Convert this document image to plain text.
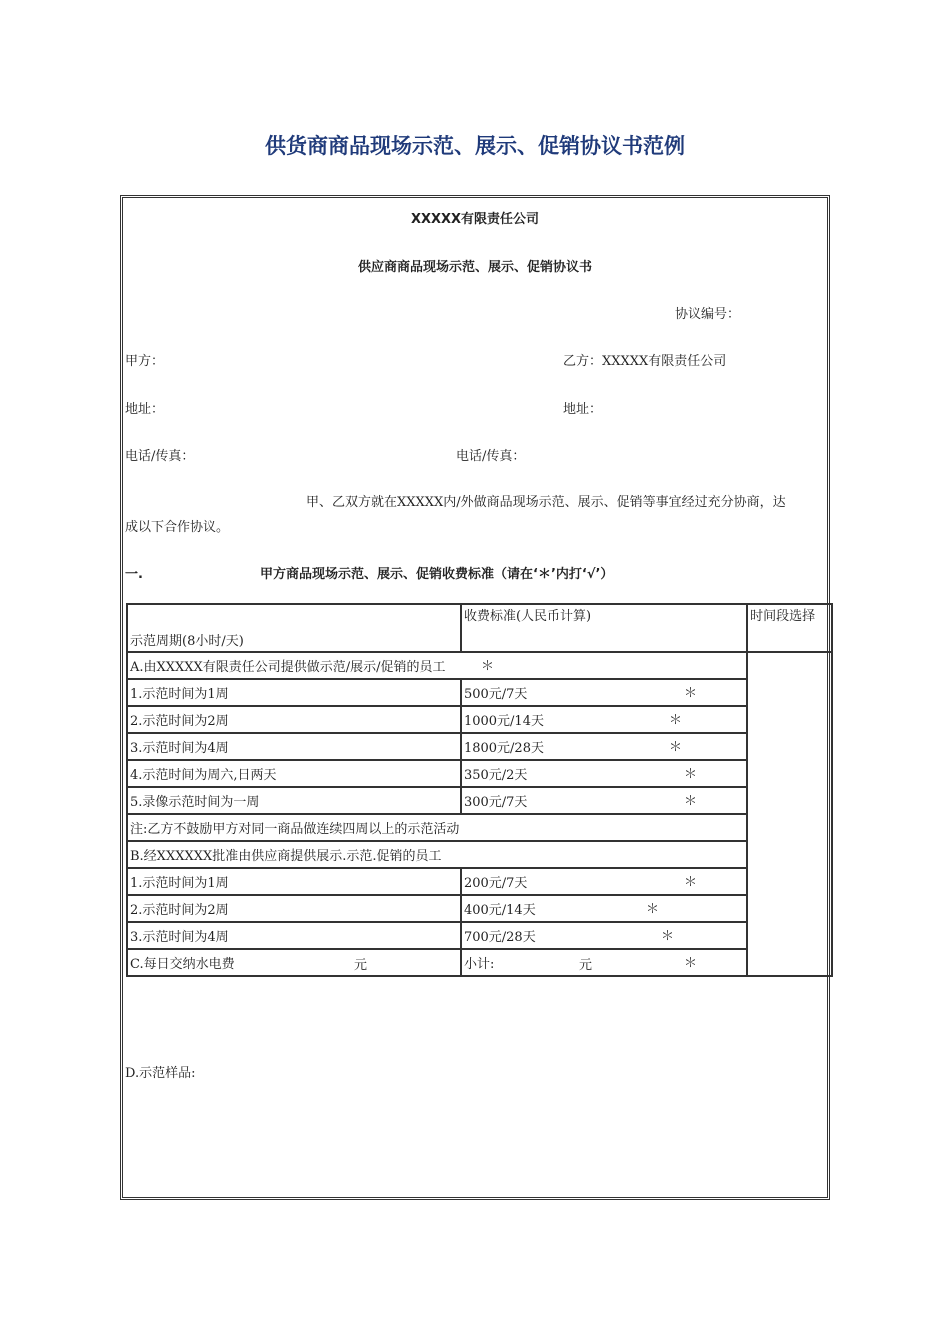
供货商商品现场示范、展示、促销协议书范例
XXXXX有限责任公司
供应商商品现场示范、展示、促销协议书
协议编号：
甲方：	乙方：XXXXX有限责任公司
地址：	地址：
电话/传真：	电话/传真：
甲、乙双方就在XXXXX内/外做商品现场示范、展示、促销等事宜经过充分协商，达
成以下合作协议。
一.	甲方商品现场示范、展示、促销收费标准（请在‘＊’内打‘√’）
示范周期(8小时/天)	收费标准(人民币计算)	时间段选择
A.由XXXXX有限责任公司提供做示范/展示/促销的员工 ＊		

1.示范时间为1周	500元/7天 ＊	

2.示范时间为2周	1000元/14天 ＊	

3.示范时间为4周	1800元/28天 ＊	

4.示范时间为周六,日两天	350元/2天 ＊	

5.录像示范时间为一周	300元/7天 ＊	

注:乙方不鼓励甲方对同一商品做连续四周以上的示范活动		
B.经XXXXXX批准由供应商提供展示.示范.促销的员工		
1.示范时间为1周	200元/7天 ＊	

2.示范时间为2周	400元/14天 ＊	

3.示范时间为4周	700元/28天 ＊	

C.每日交纳水电费 元	小计: 元 ＊	
D.示范样品:
